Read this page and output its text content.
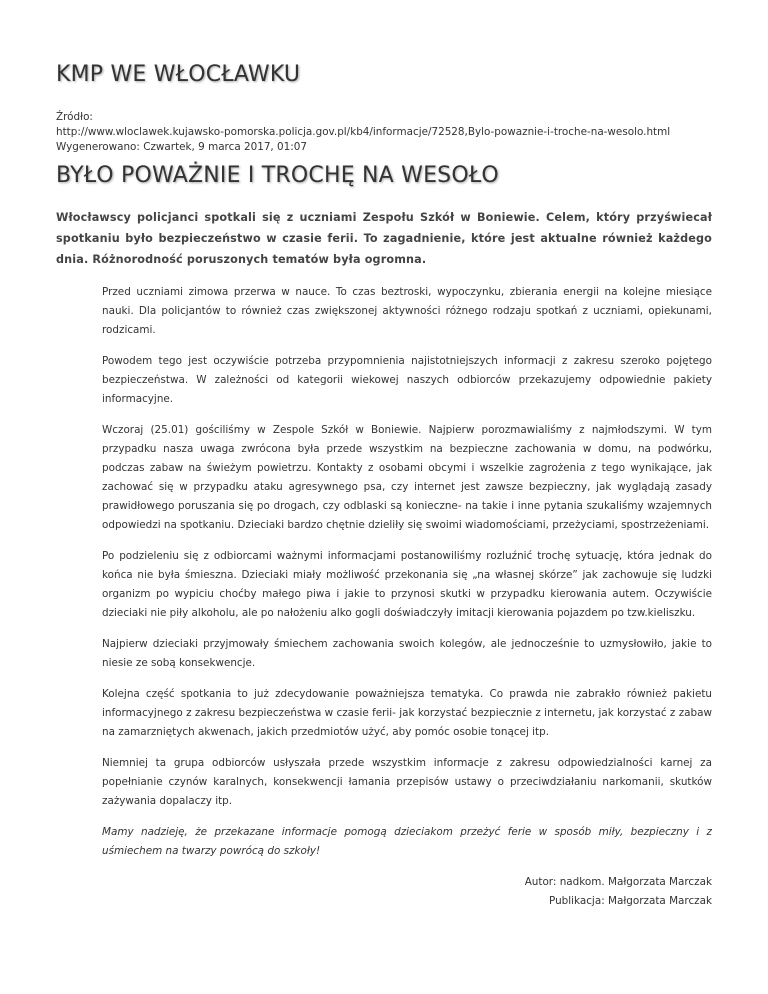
KMP WE WŁOCŁAWKU
Źródło:
http://www.wloclawek.kujawsko-pomorska.policja.gov.pl/kb4/informacje/72528,Bylo-powaznie-i-troche-na-wesolo.html
Wygenerowano: Czwartek, 9 marca 2017, 01:07
BYŁO POWAŻNIE I TROCHĘ NA WESOŁO

Włocławscy policjanci spotkali się z uczniami Zespołu Szkół w Boniewie. Celem, który przyświecał spotkaniu było bezpieczeństwo w czasie ferii. To zagadnienie, które jest aktualne również każdego dnia. Różnorodność poruszonych tematów była ogromna.

Przed uczniami zimowa przerwa w nauce. To czas beztroski, wypoczynku, zbierania energii na kolejne miesiące nauki. Dla policjantów to również czas zwiększonej aktywności różnego rodzaju spotkań z uczniami, opiekunami, rodzicami.

Powodem tego jest oczywiście potrzeba przypomnienia najistotniejszych informacji z zakresu szeroko pojętego bezpieczeństwa. W zależności od kategorii wiekowej naszych odbiorców przekazujemy odpowiednie pakiety informacyjne.

Wczoraj (25.01) gościliśmy w Zespole Szkół w Boniewie. Najpierw porozmawialiśmy z najmłodszymi. W tym przypadku nasza uwaga zwrócona była przede wszystkim na bezpieczne zachowania w domu, na podwórku, podczas zabaw na świeżym powietrzu. Kontakty z osobami obcymi i wszelkie zagrożenia z tego wynikające, jak zachować się w przypadku ataku agresywnego psa, czy internet jest zawsze bezpieczny, jak wyglądają zasady prawidłowego poruszania się po drogach, czy odblaski są konieczne- na takie i inne pytania szukaliśmy wzajemnych odpowiedzi na spotkaniu. Dzieciaki bardzo chętnie dzieliły się swoimi wiadomościami, przeżyciami, spostrzeżeniami.

Po podzieleniu się z odbiorcami ważnymi informacjami postanowiliśmy rozluźnić trochę sytuację, która jednak do końca nie była śmieszna. Dzieciaki miały możliwość przekonania się „na własnej skórze” jak zachowuje się ludzki organizm po wypiciu choćby małego piwa i jakie to przynosi skutki w przypadku kierowania autem. Oczywiście dzieciaki nie piły alkoholu, ale po nałożeniu alko gogli doświadczyły imitacji kierowania pojazdem po tzw.kieliszku.

Najpierw dzieciaki przyjmowały śmiechem zachowania swoich kolegów, ale jednocześnie to uzmysłowiło, jakie to niesie ze sobą konsekwencje.

Kolejna część spotkania to już zdecydowanie poważniejsza tematyka. Co prawda nie zabrakło również pakietu informacyjnego z zakresu bezpieczeństwa w czasie ferii- jak korzystać bezpiecznie z internetu, jak korzystać z zabaw na zamarzniętych akwenach, jakich przedmiotów użyć, aby pomóc osobie tonącej itp.

Niemniej ta grupa odbiorców usłyszała przede wszystkim informacje z zakresu odpowiedzialności karnej za popełnianie czynów karalnych, konsekwencji łamania przepisów ustawy o przeciwdziałaniu narkomanii, skutków zażywania dopalaczy itp.

Mamy nadzieję, że przekazane informacje pomogą dzieciakom przeżyć ferie w sposób miły, bezpieczny i z uśmiechem na twarzy powrócą do szkoły!

Autor: nadkom. Małgorzata Marczak
Publikacja: Małgorzata Marczak
